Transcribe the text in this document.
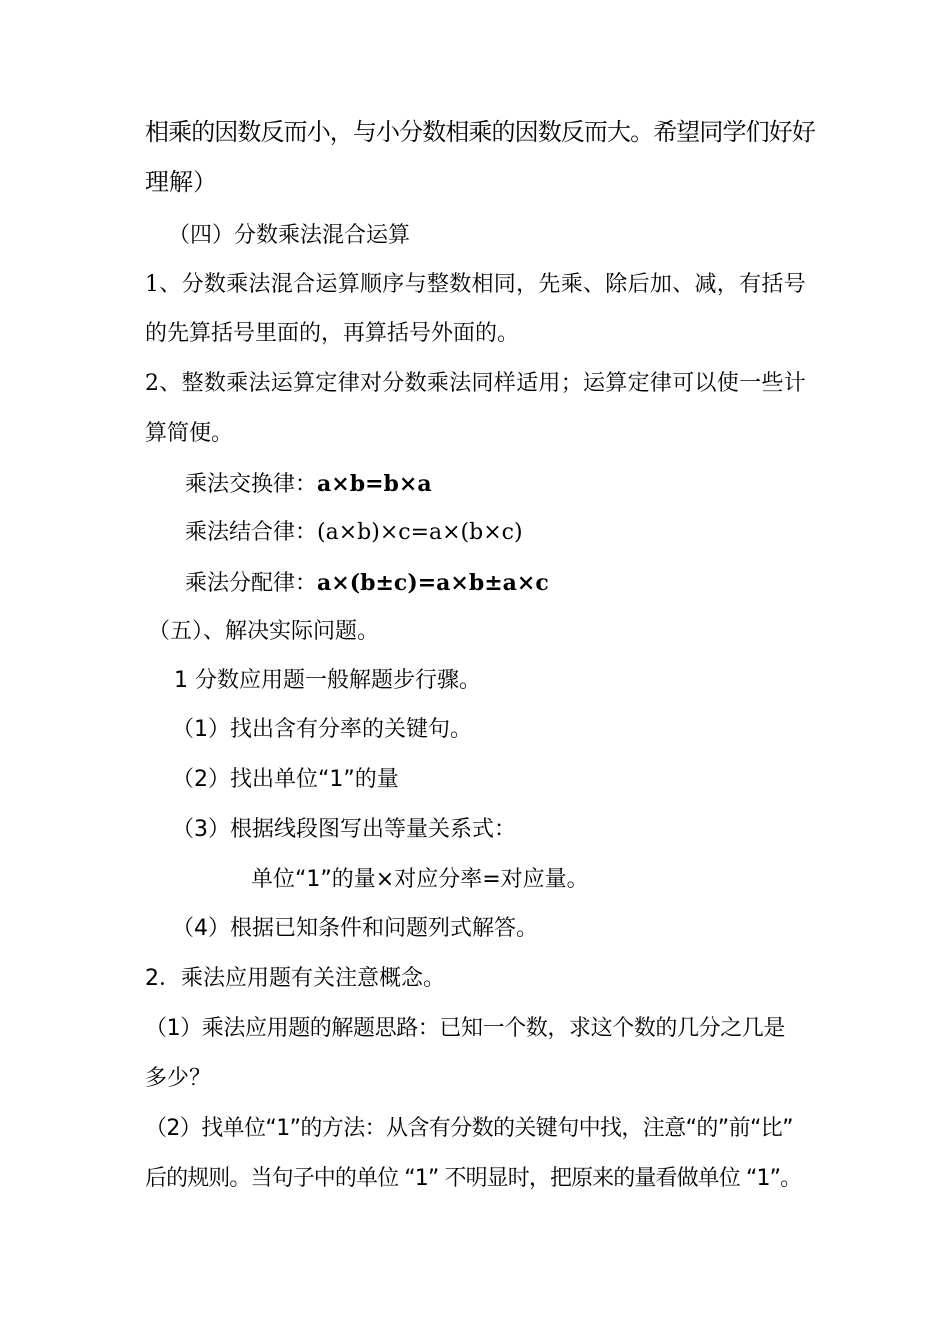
相乘的因数反而小，与小分数相乘的因数反而大。希望同学们好好
理解）
（四）分数乘法混合运算
1、分数乘法混合运算顺序与整数相同，先乘、除后加、减，有括号
的先算括号里面的，再算括号外面的。
2、整数乘法运算定律对分数乘法同样适用；运算定律可以使一些计
算简便。
乘法交换律：a×b=b×a
乘法结合律：(a×b)×c=a×(b×c)
乘法分配律：a×(b±c)=a×b±a×c
（五）、解决实际问题。
1 分数应用题一般解题步行骤。
（1）找出含有分率的关键句。
（2）找出单位“1”的量
（3）根据线段图写出等量关系式：
单位“1”的量×对应分率=对应量。
（4）根据已知条件和问题列式解答。
2．乘法应用题有关注意概念。
（1）乘法应用题的解题思路：已知一个数，求这个数的几分之几是
多少？
（2）找单位“1”的方法：从含有分数的关键句中找，注意“的”前“比”
后的规则。当句子中的单位 “1” 不明显时，把原来的量看做单位 “1”。
